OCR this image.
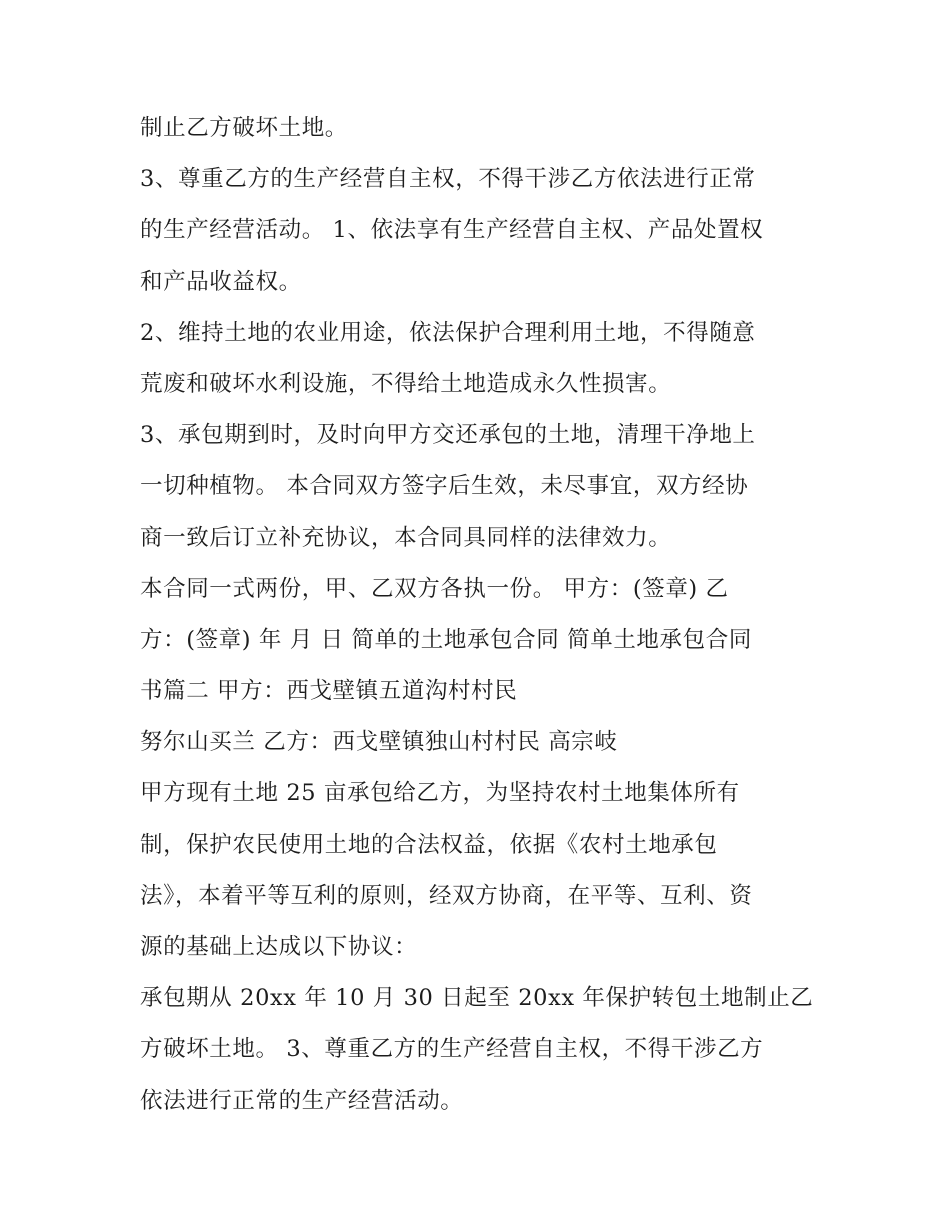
制止乙方破坏土地。
3、尊重乙方的生产经营自主权，不得干涉乙方依法进行正常
的生产经营活动。 1、依法享有生产经营自主权、产品处置权
和产品收益权。
2、维持土地的农业用途，依法保护合理利用土地，不得随意
荒废和破坏水利设施，不得给土地造成永久性损害。
3、承包期到时，及时向甲方交还承包的土地，清理干净地上
一切种植物。 本合同双方签字后生效，未尽事宜，双方经协
商一致后订立补充协议，本合同具同样的法律效力。
本合同一式两份，甲、乙双方各执一份。 甲方：(签章) 乙
方：(签章) 年 月 日 简单的土地承包合同 简单土地承包合同
书篇二 甲方：西戈壁镇五道沟村村民
努尔山买兰 乙方：西戈壁镇独山村村民 高宗岐
甲方现有土地 25 亩承包给乙方，为坚持农村土地集体所有
制，保护农民使用土地的合法权益，依据《农村土地承包
法》，本着平等互利的原则，经双方协商，在平等、互利、资
源的基础上达成以下协议：
承包期从 20xx 年 10 月 30 日起至 20xx 年保护转包土地制止乙
方破坏土地。 3、尊重乙方的生产经营自主权，不得干涉乙方
依法进行正常的生产经营活动。
